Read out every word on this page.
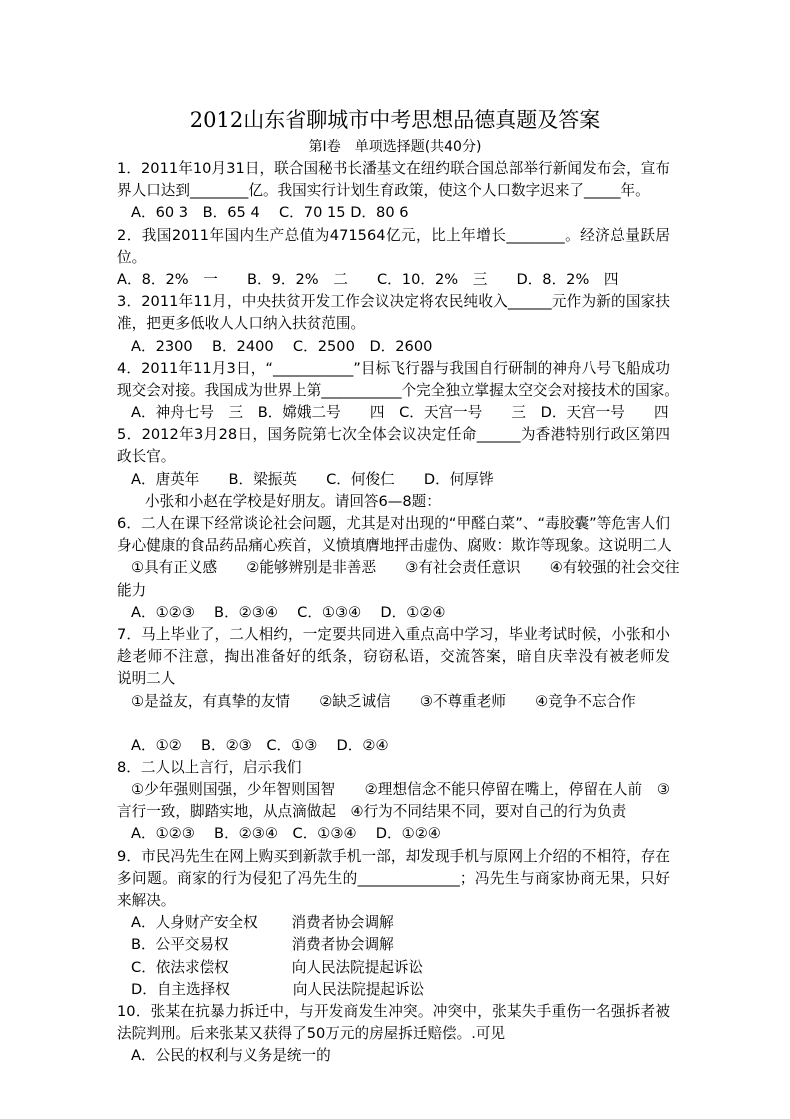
2012山东省聊城市中考思想品德真题及答案
第Ⅰ卷　单项选择题(共40分)
1．2011年10月31日，联合国秘书长潘基文在纽约联合国总部举行新闻发布会，宣布
界人口达到________亿。我国实行计划生育政策，使这个人口数字迟来了_____年。
A．60 3　B．65 4　 C．70 15 D．80 6
2．我国2011年国内生产总值为471564亿元，比上年增长________。经济总量跃居
位。
A．8．2%　一　　B．9．2%　二　　C．10．2%　三　　D．8．2%　四
3．2011年11月，中央扶贫开发工作会议决定将农民纯收入______元作为新的国家扶
准，把更多低收人人口纳入扶贫范围。
A．2300　 B．2400　 C．2500　D．2600
4．2011年11月3日，“___________”目标飞行器与我国自行研制的神舟八号飞船成功
现交会对接。我国成为世界上第___________个完全独立掌握太空交会对接技术的国家。
A．神舟七号　三　B．嫦娥二号　　四　C．天宫一号　　三　D．天宫一号　　四
5．2012年3月28日，国务院第七次全体会议决定任命______为香港特别行政区第四
政长官。
A．唐英年　　B．梁振英　　C．何俊仁　　D．何厚铧
小张和小赵在学校是好朋友。请回答6—8题：
6．二人在课下经常谈论社会问题，尤其是对出现的“甲醛白菜”、“毒胶囊”等危害人们
身心健康的食品药品痛心疾首，义愤填膺地抨击虚伪、腐败：欺诈等现象。这说明二人
①具有正义感　　②能够辨别是非善恶　　③有社会责任意识　　④有较强的社会交往
能力
A．①②③　 B．②③④　 C．①③④　 D．①②④
7．马上毕业了，二人相约，一定要共同进入重点高中学习，毕业考试时候，小张和小
趁老师不注意，掏出准备好的纸条，窃窃私语，交流答案，暗自庆幸没有被老师发
说明二人
①是益友，有真挚的友情　　②缺乏诚信　　③不尊重老师　　④竞争不忘合作
A．①②　 B．②③　C．①③　 D．②④
8．二人以上言行，启示我们
①少年强则国强，少年智则国智　　②理想信念不能只停留在嘴上，停留在人前　③
言行一致，脚踏实地，从点滴做起　④行为不同结果不同，要对自己的行为负责
A．①②③　 B．②③④　C．①③④　 D．①②④
9．市民冯先生在网上购买到新款手机一部，却发现手机与原网上介绍的不相符，存在
多问题。商家的行为侵犯了冯先生的______________；冯先生与商家协商无果，只好
来解决。
A．人身财产安全权　　 消费者协会调解
B．公平交易权　　　　 消费者协会调解
C．依法求偿权　　　　 向人民法院提起诉讼
D．自主选择权　　　　 向人民法院提起诉讼
10．张某在抗暴力拆迁中，与开发商发生冲突。冲突中，张某失手重伤一名强拆者被
法院判刑。后来张某又获得了50万元的房屋拆迁赔偿。.可见
A．公民的权利与义务是统一的
